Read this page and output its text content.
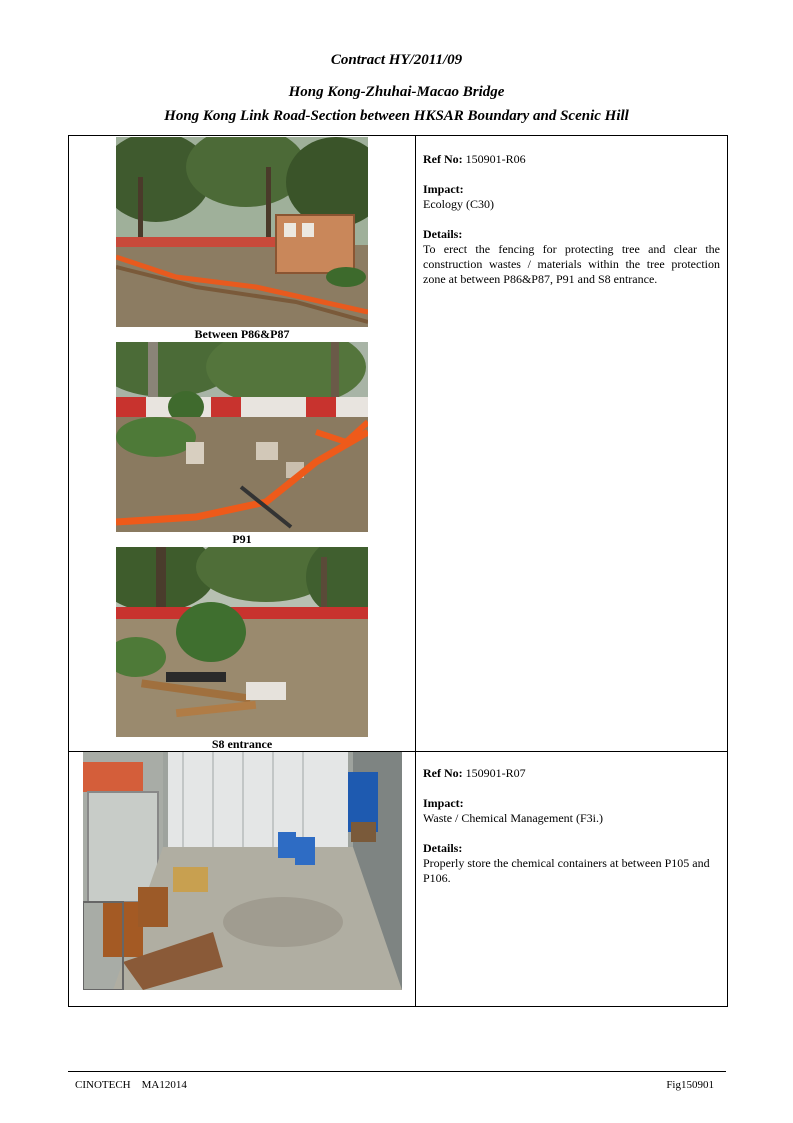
Contract HY/2011/09
Hong Kong-Zhuhai-Macao Bridge
Hong Kong Link Road-Section between HKSAR Boundary and Scenic Hill
Between P86&P87
P91
S8 entrance

Ref No: 150901-R06

Impact:

Ecology (C30)

Details:

To erect the fencing for protecting tree and clear the construction wastes / materials within the tree protection zone at between P86&P87, P91 and S8 entrance.

Ref No: 150901-R07

Impact:

Waste / Chemical Management (F3i.)

Details:

Properly store the chemical containers at between P105 and P106.

CINOTECH    MA12014	Fig150901
